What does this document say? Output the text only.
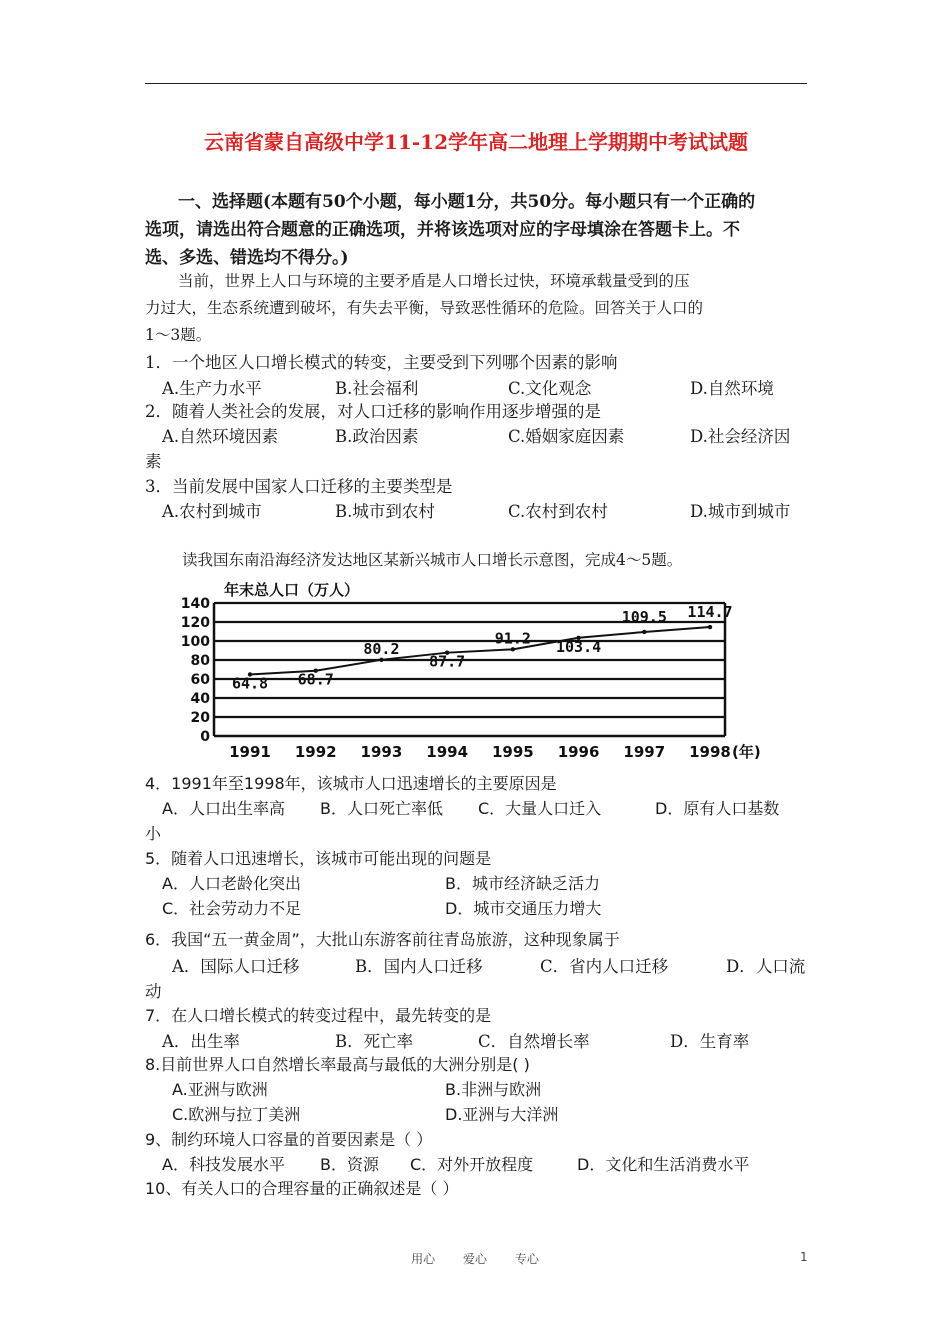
云南省蒙自高级中学11-12学年高二地理上学期期中考试试题
一、选择题(本题有50个小题，每小题1分，共50分。每小题只有一个正确的
选项，请选出符合题意的正确选项，并将该选项对应的字母填涂在答题卡上。不
选、多选、错选均不得分。)
当前，世界上人口与环境的主要矛盾是人口增长过快，环境承载量受到的压
力过大，生态系统遭到破坏，有失去平衡，导致恶性循环的危险。回答关于人口的
1～3题。
1．一个地区人口增长模式的转变，主要受到下列哪个因素的影响
A.生产力水平	B.社会福利	C.文化观念	D.自然环境
2．随着人类社会的发展，对人口迁移的影响作用逐步增强的是
A.自然环境因素	B.政治因素	C.婚姻家庭因素	D.社会经济因
素
3．当前发展中国家人口迁移的主要类型是
A.农村到城市	B.城市到农村	C.农村到农村	D.城市到城市
读我国东南沿海经济发达地区某新兴城市人口增长示意图，完成4～5题。
0
20
40
60
80
100
120
140
年末总人口（万人）
1991 1992 1993 1994 1995 1996 1997 1998 (年)
64.8 68.7
80.2
87.7
91.2 103.4
109.5 114.7
4．1991年至1998年，该城市人口迅速增长的主要原因是
A．人口出生率高 B．人口死亡率低 C．大量人口迁入	D．原有人口基数
小
5．随着人口迅速增长，该城市可能出现的问题是
A．人口老龄化突出	B．城市经济缺乏活力
C．社会劳动力不足	D．城市交通压力增大
6．我国“五一黄金周”，大批山东游客前往青岛旅游，这种现象属于
A．国际人口迁移	B．国内人口迁移	C．省内人口迁移	D．人口流
动
7．在人口增长模式的转变过程中，最先转变的是
A．出生率	B．死亡率	C．自然增长率	D．生育率
8.目前世界人口自然增长率最高与最低的大洲分别是( )
A.亚洲与欧洲	B.非洲与欧洲
C.欧洲与拉丁美洲	D.亚洲与大洋洲
9、制约环境人口容量的首要因素是（ ）
A．科技发展水平 B．资源 C．对外开放程度	D．文化和生活消费水平
10、有关人口的合理容量的正确叙述是（ ）
用心 爱心 专心	1
